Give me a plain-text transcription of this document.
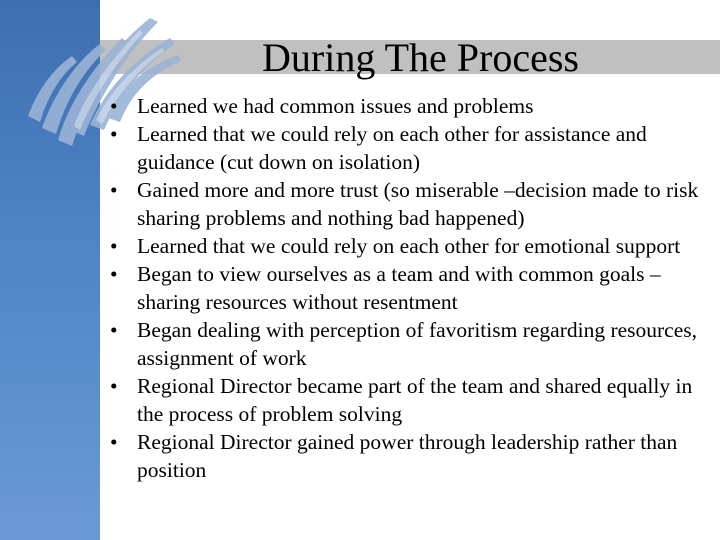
During The Process
• Learned we had common issues and problems
• Learned that we could rely on each other for assistance and guidance (cut down on isolation)
• Gained more and more trust (so miserable –decision made to risk sharing problems and nothing bad happened)
• Learned that we could rely on each other for emotional support
• Began to view ourselves as a team and with common goals –sharing resources without resentment
• Began dealing with perception of favoritism regarding resources, assignment of work
• Regional Director became part of the team and shared equally in the process of problem solving
• Regional Director gained power through leadership rather than position
